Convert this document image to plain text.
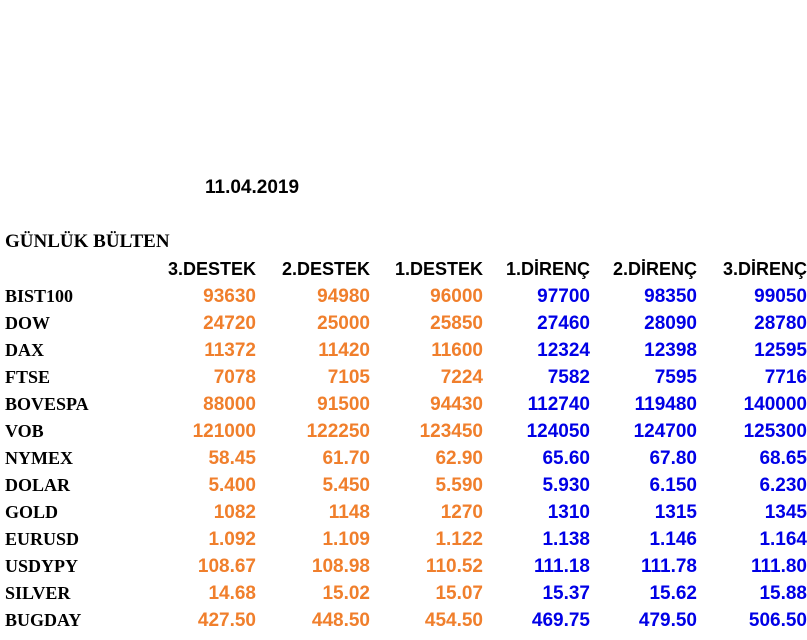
11.04.2019
GÜNLÜK BÜLTEN
	3.DESTEK	2.DESTEK	1.DESTEK	1.DİRENÇ	2.DİRENÇ	3.DİRENÇ
BIST100	93630	94980	96000	97700	98350	99050
DOW	24720	25000	25850	27460	28090	28780
DAX	11372	11420	11600	12324	12398	12595
FTSE	7078	7105	7224	7582	7595	7716
BOVESPA	88000	91500	94430	112740	119480	140000
VOB	121000	122250	123450	124050	124700	125300
NYMEX	58.45	61.70	62.90	65.60	67.80	68.65
DOLAR	5.400	5.450	5.590	5.930	6.150	6.230
GOLD	1082	1148	1270	1310	1315	1345
EURUSD	1.092	1.109	1.122	1.138	1.146	1.164
USDYPY	108.67	108.98	110.52	111.18	111.78	111.80
SILVER	14.68	15.02	15.07	15.37	15.62	15.88
BUGDAY	427.50	448.50	454.50	469.75	479.50	506.50
